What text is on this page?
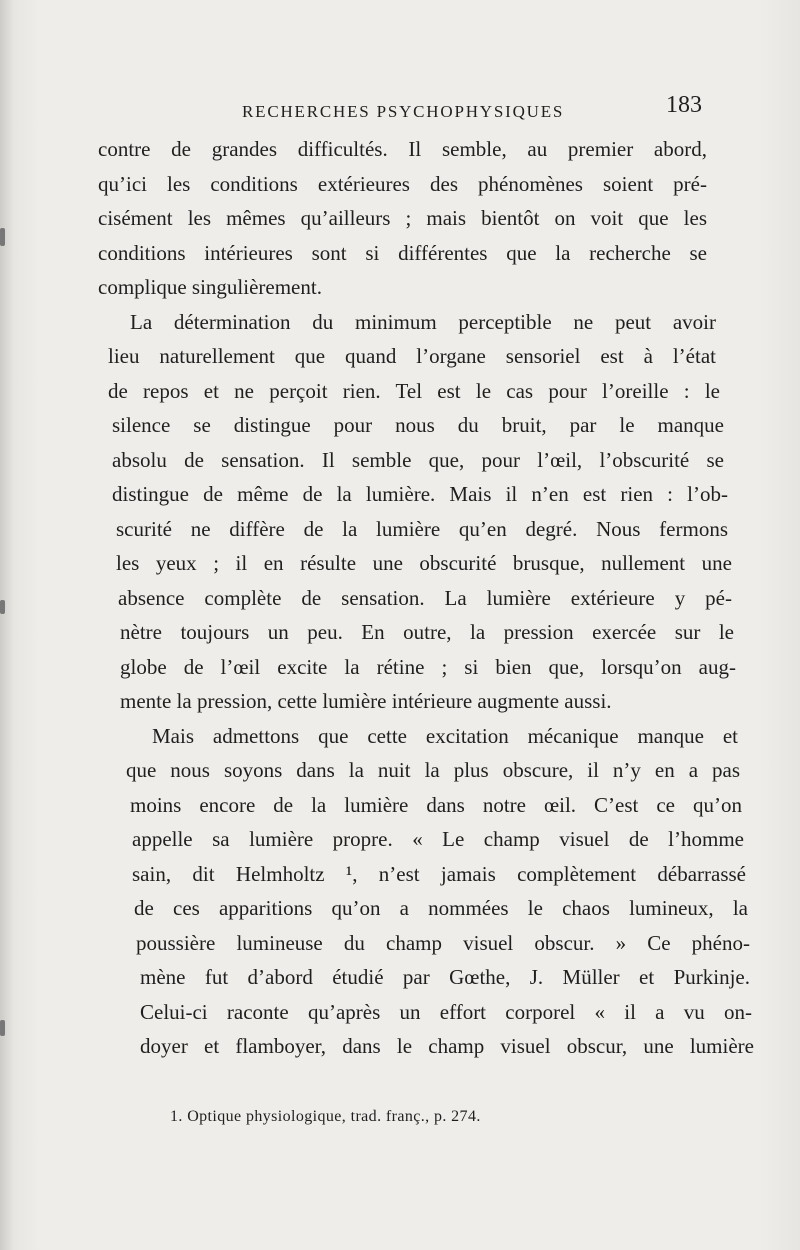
RECHERCHES PSYCHOPHYSIQUES	183
contre de grandes difficultés. Il semble, au premier abord,
qu’ici les conditions extérieures des phénomènes soient pré-
cisément les mêmes qu’ailleurs ; mais bientôt on voit que les
conditions intérieures sont si différentes que la recherche se
complique singulièrement.
La détermination du minimum perceptible ne peut avoir
lieu naturellement que quand l’organe sensoriel est à l’état
de repos et ne perçoit rien. Tel est le cas pour l’oreille : le
silence se distingue pour nous du bruit, par le manque
absolu de sensation. Il semble que, pour l’œil, l’obscurité se
distingue de même de la lumière. Mais il n’en est rien : l’ob-
scurité ne diffère de la lumière qu’en degré. Nous fermons
les yeux ; il en résulte une obscurité brusque, nullement une
absence complète de sensation. La lumière extérieure y pé-
nètre toujours un peu. En outre, la pression exercée sur le
globe de l’œil excite la rétine ; si bien que, lorsqu’on aug-
mente la pression, cette lumière intérieure augmente aussi.
Mais admettons que cette excitation mécanique manque et
que nous soyons dans la nuit la plus obscure, il n’y en a pas
moins encore de la lumière dans notre œil. C’est ce qu’on
appelle sa lumière propre. « Le champ visuel de l’homme
sain, dit Helmholtz ¹, n’est jamais complètement débarrassé
de ces apparitions qu’on a nommées le chaos lumineux, la
poussière lumineuse du champ visuel obscur. » Ce phéno-
mène fut d’abord étudié par Gœthe, J. Müller et Purkinje.
Celui-ci raconte qu’après un effort corporel « il a vu on-
doyer et flamboyer, dans le champ visuel obscur, une lumière
1. Optique physiologique, trad. franç., p. 274.
